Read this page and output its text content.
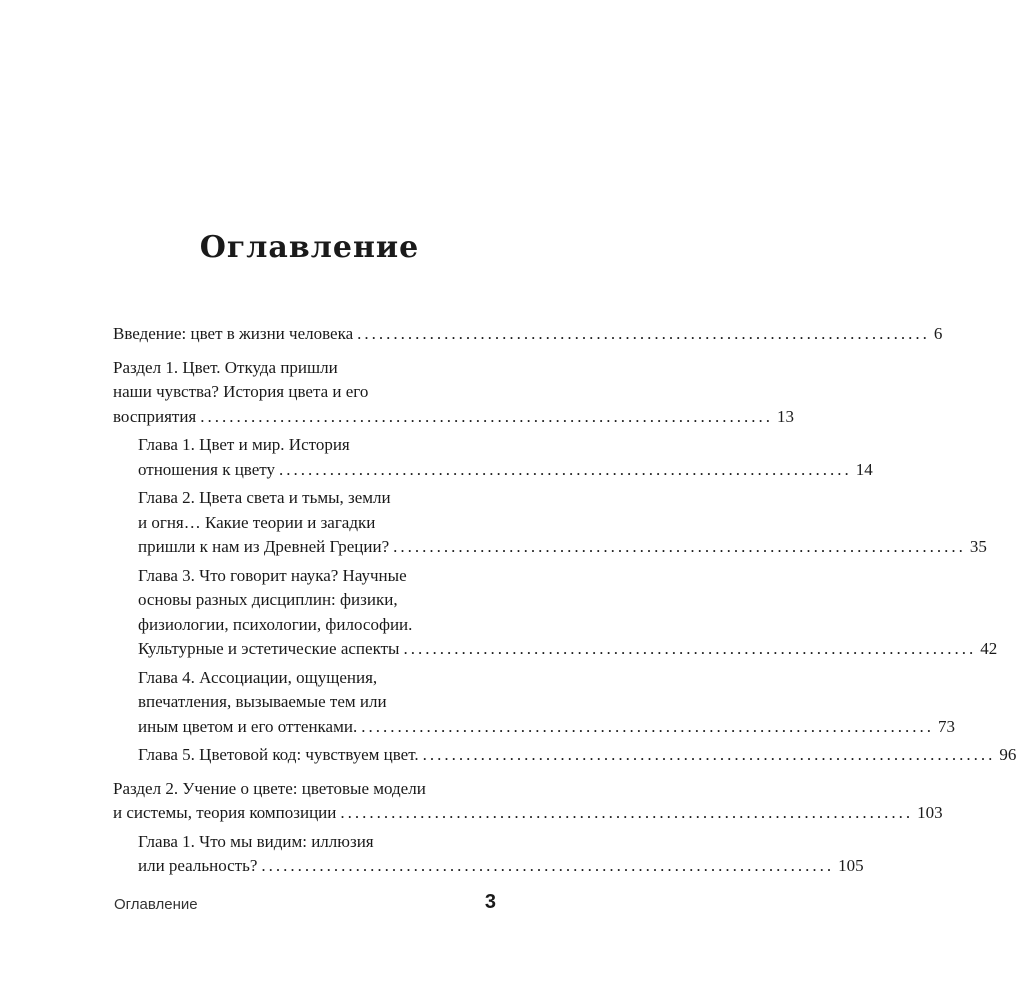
Оглавление
Введение: цвет в жизни человека ............................................................................... 6
Раздел 1. Цвет. Откуда пришли
наши чувства? История цвета и его
восприятия ............................................................................... 13
Глава 1. Цвет и мир. История
отношения к цвету ............................................................................... 14
Глава 2. Цвета света и тьмы, земли
и огня… Какие теории и загадки
пришли к нам из Древней Греции? ............................................................................... 35
Глава 3. Что говорит наука? Научные
основы разных дисциплин: физики,
физиологии, психологии, философии.
Культурные и эстетические аспекты ............................................................................... 42
Глава 4. Ассоциации, ощущения,
впечатления, вызываемые тем или
иным цветом и его оттенками. ............................................................................... 73
Глава 5. Цветовой код: чувствуем цвет. ............................................................................... 96
Раздел 2. Учение о цвете: цветовые модели
и системы, теория композиции ............................................................................... 103
Глава 1. Что мы видим: иллюзия
или реальность? ............................................................................... 105
Оглавление	3
